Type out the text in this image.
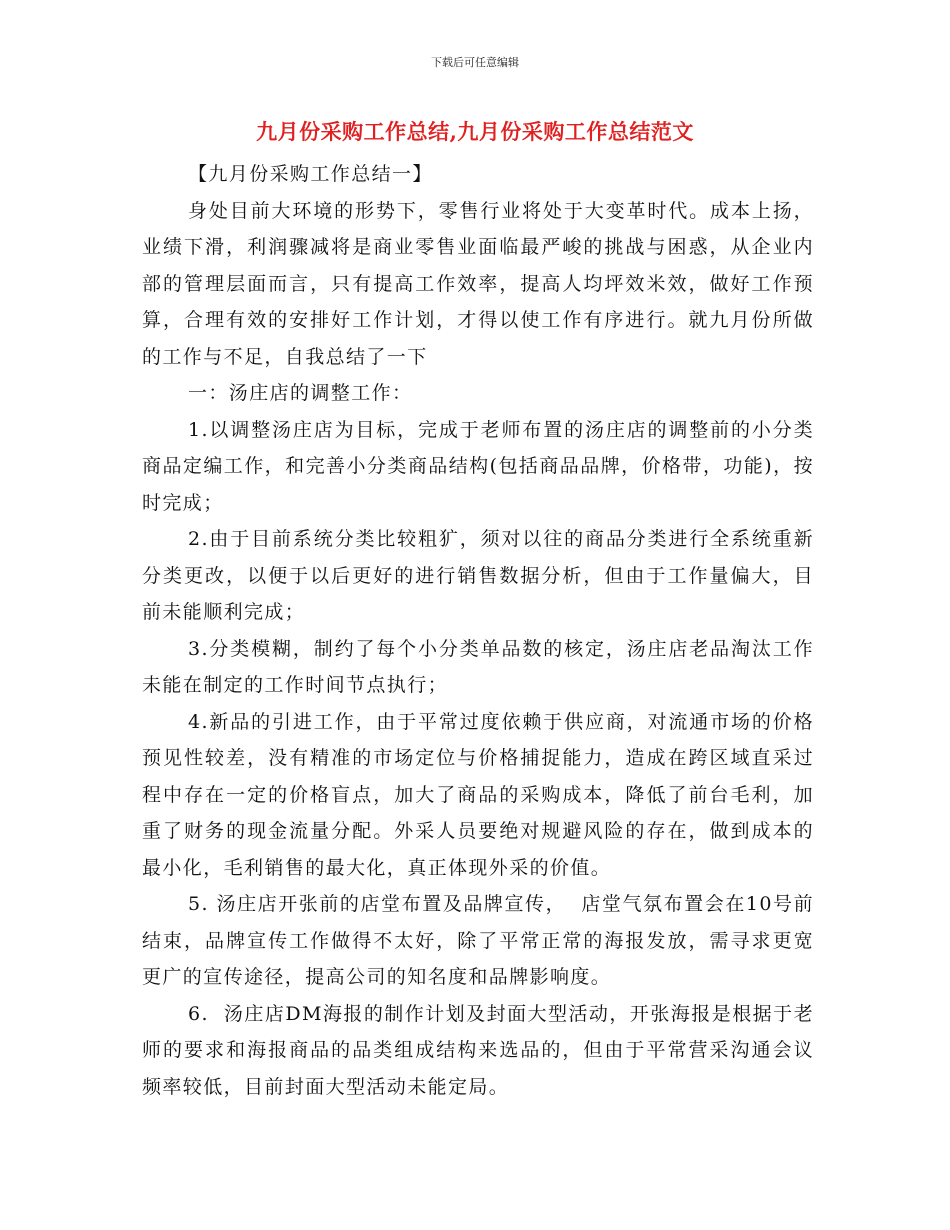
下载后可任意编辑
九月份采购工作总结,九月份采购工作总结范文

【九月份采购工作总结一】

身处目前大环境的形势下，零售行业将处于大变革时代。成本上扬，业绩下滑，利润骤减将是商业零售业面临最严峻的挑战与困惑，从企业内部的管理层面而言，只有提高工作效率，提高人均坪效米效，做好工作预算，合理有效的安排好工作计划，才得以使工作有序进行。就九月份所做的工作与不足，自我总结了一下

一：汤庄店的调整工作：

1.以调整汤庄店为目标，完成于老师布置的汤庄店的调整前的小分类商品定编工作，和完善小分类商品结构(包括商品品牌，价格带，功能)，按时完成；

2.由于目前系统分类比较粗犷，须对以往的商品分类进行全系统重新分类更改，以便于以后更好的进行销售数据分析，但由于工作量偏大，目前未能顺利完成；

3.分类模糊，制约了每个小分类单品数的核定，汤庄店老品淘汰工作未能在制定的工作时间节点执行；

4.新品的引进工作，由于平常过度依赖于供应商，对流通市场的价格预见性较差，没有精准的市场定位与价格捕捉能力，造成在跨区域直采过程中存在一定的价格盲点，加大了商品的采购成本，降低了前台毛利，加重了财务的现金流量分配。外采人员要绝对规避风险的存在，做到成本的最小化，毛利销售的最大化，真正体现外采的价值。

5. 汤庄店开张前的店堂布置及品牌宣传，  店堂气氛布置会在10号前结束，品牌宣传工作做得不太好，除了平常正常的海报发放，需寻求更宽更广的宣传途径，提高公司的知名度和品牌影响度。

6.  汤庄店DM海报的制作计划及封面大型活动，开张海报是根据于老师的要求和海报商品的品类组成结构来选品的，但由于平常营采沟通会议频率较低，目前封面大型活动未能定局。
